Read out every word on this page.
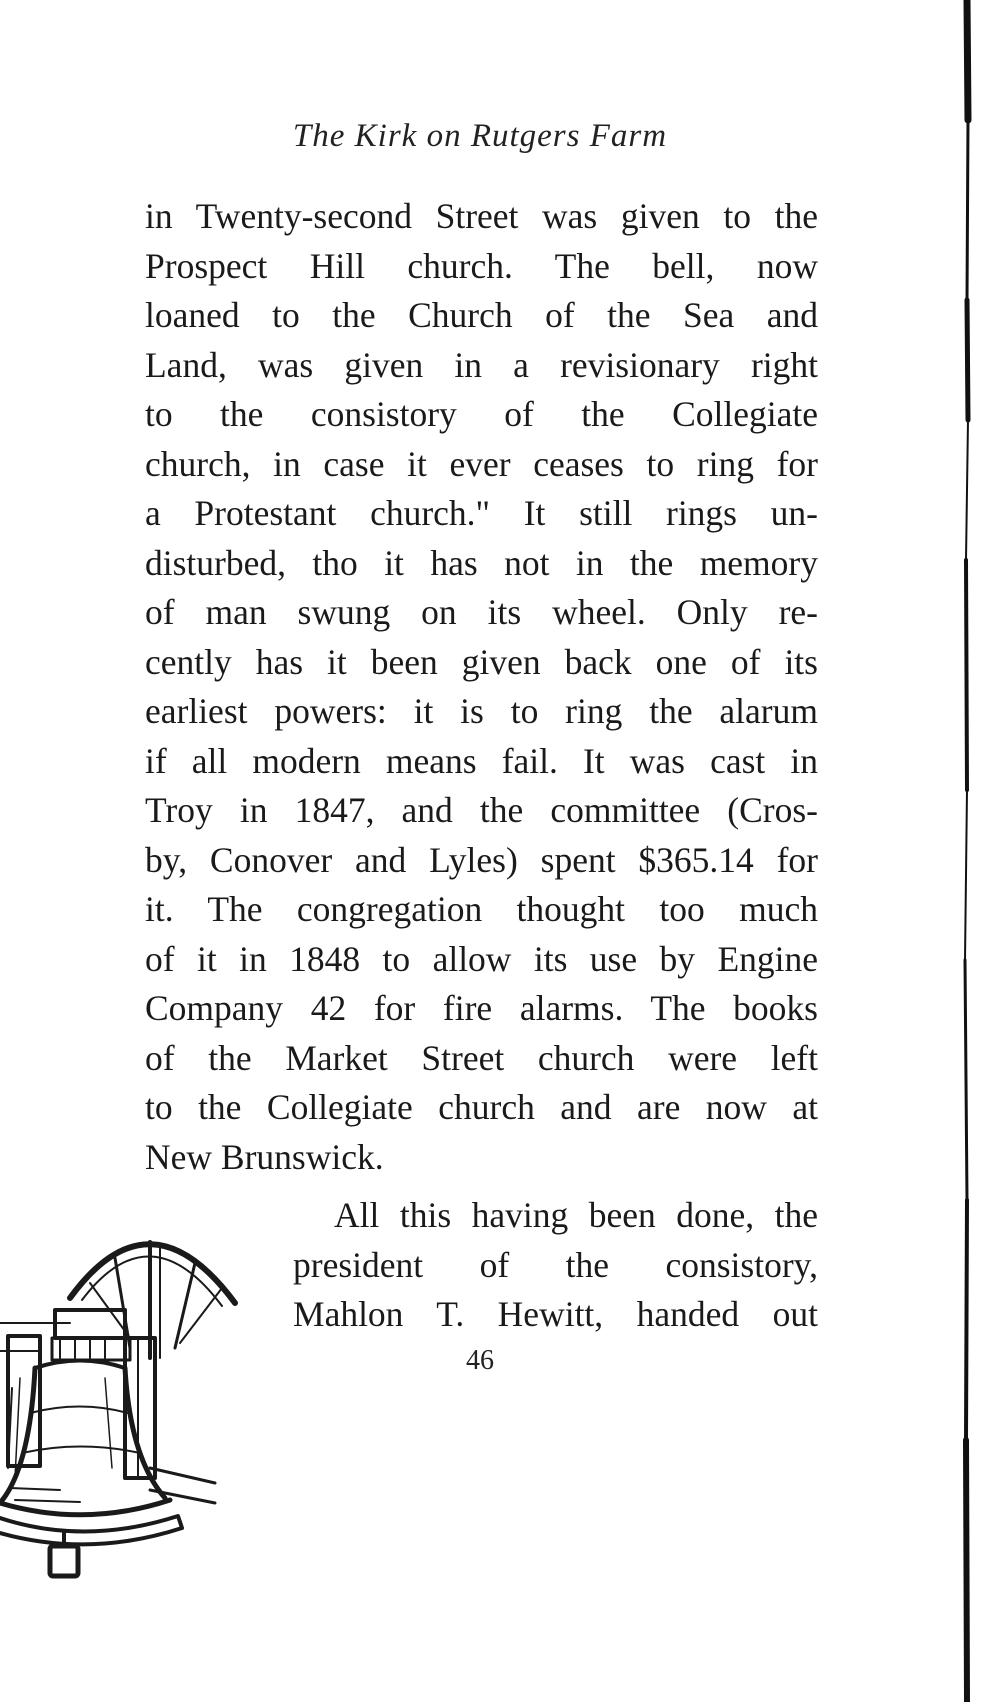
The Kirk on Rutgers Farm
in Twenty-second Street was given to the
Prospect Hill church. The bell, now
loaned to the Church of the Sea and
Land, was given in a revisionary right
to the consistory of the Collegiate
church, in case it ever ceases to ring for
a Protestant church." It still rings un-
disturbed, tho it has not in the memory
of man swung on its wheel. Only re-
cently has it been given back one of its
earliest powers: it is to ring the alarum
if all modern means fail. It was cast in
Troy in 1847, and the committee (Cros-
by, Conover and Lyles) spent $365.14 for
it. The congregation thought too much
of it in 1848 to allow its use by Engine
Company 42 for fire alarms. The books
of the Market Street church were left
to the Collegiate church and are now at
New Brunswick.
All this having been done, the
president of the consistory,
Mahlon T. Hewitt, handed out
46
